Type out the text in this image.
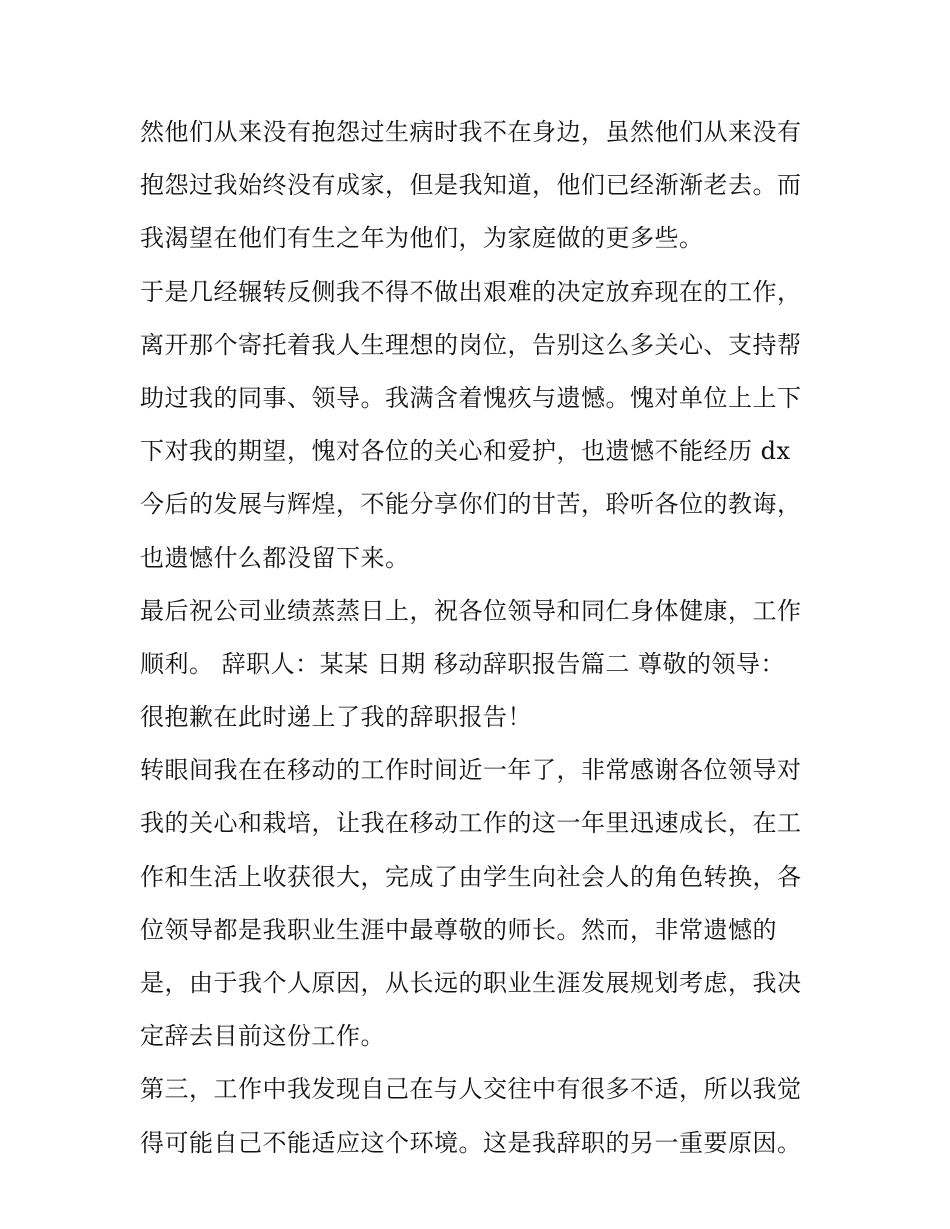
然他们从来没有抱怨过生病时我不在身边，虽然他们从来没有
抱怨过我始终没有成家，但是我知道，他们已经渐渐老去。而
我渴望在他们有生之年为他们，为家庭做的更多些。
于是几经辗转反侧我不得不做出艰难的决定放弃现在的工作，
离开那个寄托着我人生理想的岗位，告别这么多关心、支持帮
助过我的同事、领导。我满含着愧疚与遗憾。愧对单位上上下
下对我的期望，愧对各位的关心和爱护，也遗憾不能经历 dx
今后的发展与辉煌，不能分享你们的甘苦，聆听各位的教诲，
也遗憾什么都没留下来。
最后祝公司业绩蒸蒸日上，祝各位领导和同仁身体健康，工作
顺利。 辞职人：某某 日期 移动辞职报告篇二 尊敬的领导：
很抱歉在此时递上了我的辞职报告！
转眼间我在在移动的工作时间近一年了，非常感谢各位领导对
我的关心和栽培，让我在移动工作的这一年里迅速成长，在工
作和生活上收获很大，完成了由学生向社会人的角色转换，各
位领导都是我职业生涯中最尊敬的师长。然而，非常遗憾的
是，由于我个人原因，从长远的职业生涯发展规划考虑，我决
定辞去目前这份工作。
第三，工作中我发现自己在与人交往中有很多不适，所以我觉
得可能自己不能适应这个环境。这是我辞职的另一重要原因。
